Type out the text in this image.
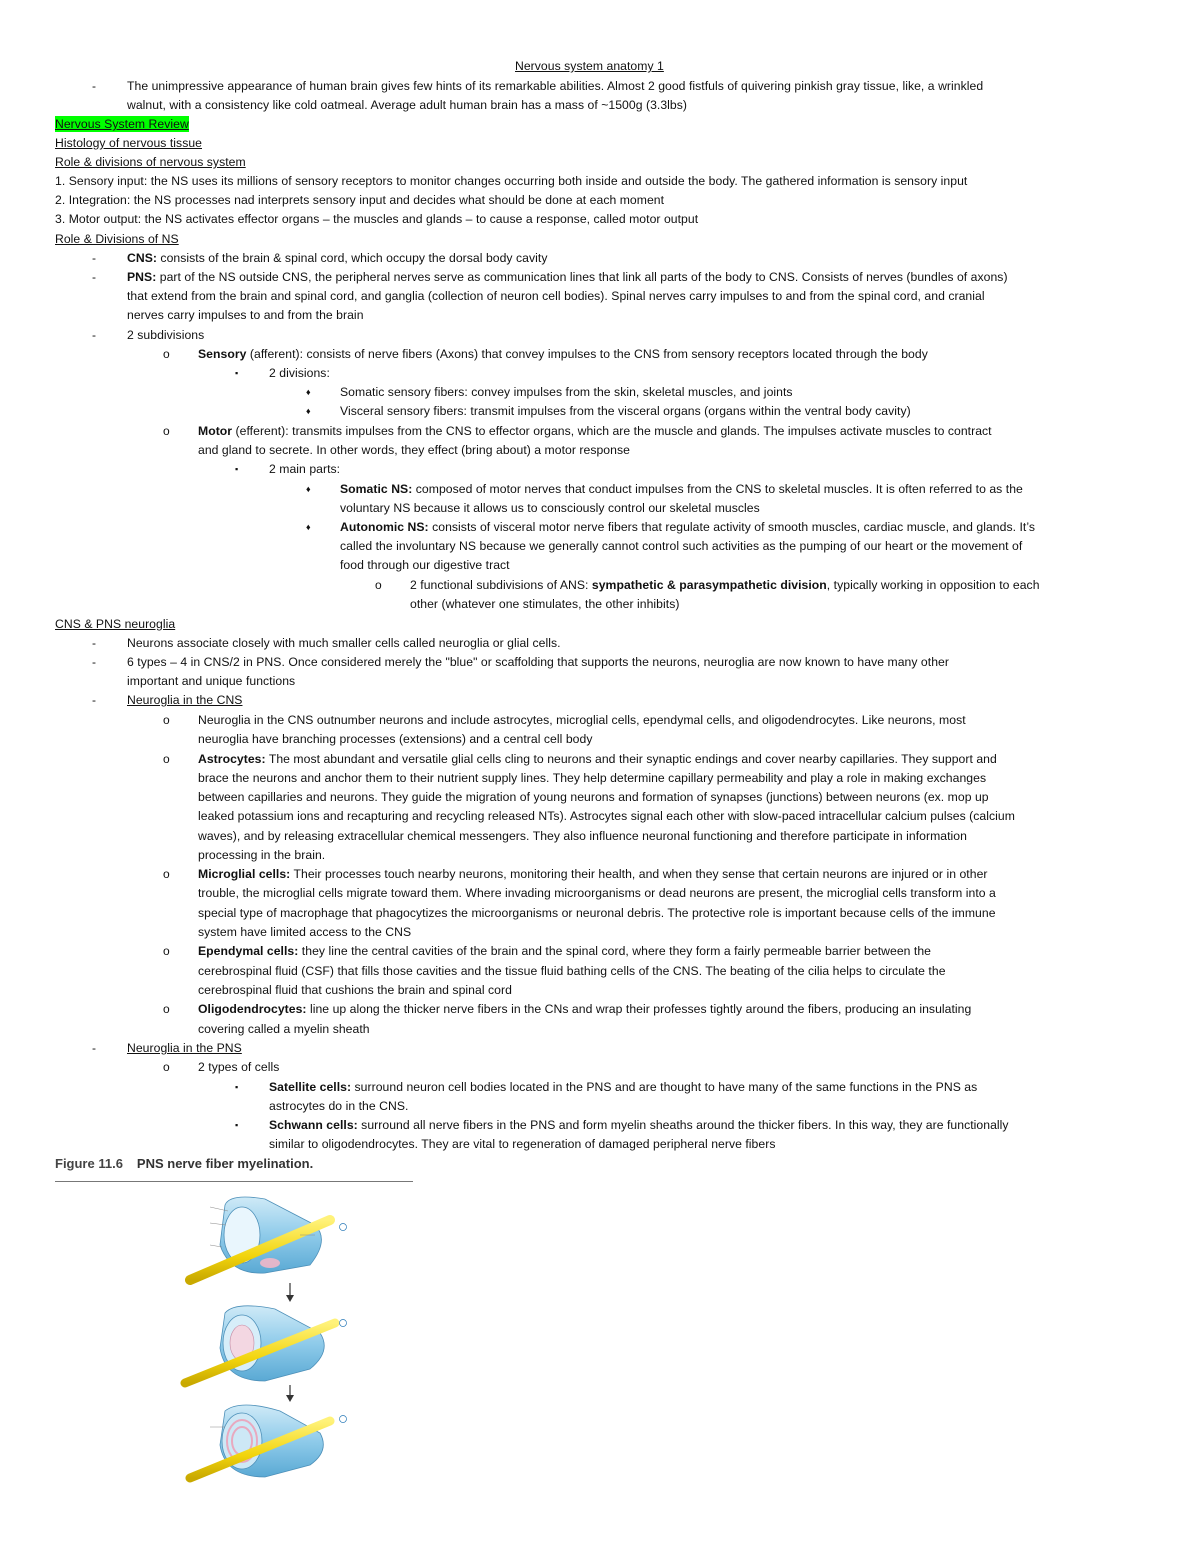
Nervous system anatomy 1
-	The unimpressive appearance of human brain gives few hints of its remarkable abilities. Almost 2 good fistfuls of quivering pinkish gray tissue, like, a wrinkled
walnut, with a consistency like cold oatmeal. Average adult human brain has a mass of ~1500g (3.3lbs)
Nervous System Review
Histology of nervous tissue
Role & divisions of nervous system
1. Sensory input: the NS uses its millions of sensory receptors to monitor changes occurring both inside and outside the body. The gathered information is sensory input
2. Integration: the NS processes nad interprets sensory input and decides what should be done at each moment
3. Motor output: the NS activates effector organs – the muscles and glands – to cause a response, called motor output
Role & Divisions of NS
-	CNS: consists of the brain & spinal cord, which occupy the dorsal body cavity
-	PNS: part of the NS outside CNS, the peripheral nerves serve as communication lines that link all parts of the body to CNS. Consists of nerves (bundles of axons)
that extend from the brain and spinal cord, and ganglia (collection of neuron cell bodies). Spinal nerves carry impulses to and from the spinal cord, and cranial
nerves carry impulses to and from the brain
-	2 subdivisions
o Sensory (afferent): consists of nerve fibers (Axons) that convey impulses to the CNS from sensory receptors located through the body
▪	2 divisions:
♦ Somatic sensory fibers: convey impulses from the skin, skeletal muscles, and joints
♦ Visceral sensory fibers: transmit impulses from the visceral organs (organs within the ventral body cavity)
o Motor (efferent): transmits impulses from the CNS to effector organs, which are the muscle and glands. The impulses activate muscles to contract
and gland to secrete. In other words, they effect (bring about) a motor response
▪	2 main parts:
♦ Somatic NS: composed of motor nerves that conduct impulses from the CNS to skeletal muscles. It is often referred to as the
voluntary NS because it allows us to consciously control our skeletal muscles
♦ Autonomic NS: consists of visceral motor nerve fibers that regulate activity of smooth muscles, cardiac muscle, and glands. It’s
called the involuntary NS because we generally cannot control such activities as the pumping of our heart or the movement of
food through our digestive tract
o 2 functional subdivisions of ANS: sympathetic & parasympathetic division, typically working in opposition to each
other (whatever one stimulates, the other inhibits)
CNS & PNS neuroglia
-	Neurons associate closely with much smaller cells called neuroglia or glial cells.
-	6 types – 4 in CNS/2 in PNS. Once considered merely the "blue" or scaffolding that supports the neurons, neuroglia are now known to have many other
important and unique functions
-	Neuroglia in the CNS
o Neuroglia in the CNS outnumber neurons and include astrocytes, microglial cells, ependymal cells, and oligodendrocytes. Like neurons, most
neuroglia have branching processes (extensions) and a central cell body
o Astrocytes: The most abundant and versatile glial cells cling to neurons and their synaptic endings and cover nearby capillaries. They support and
brace the neurons and anchor them to their nutrient supply lines. They help determine capillary permeability and play a role in making exchanges
between capillaries and neurons. They guide the migration of young neurons and formation of synapses (junctions) between neurons (ex. mop up
leaked potassium ions and recapturing and recycling released NTs). Astrocytes signal each other with slow-paced intracellular calcium pulses (calcium
waves), and by releasing extracellular chemical messengers. They also influence neuronal functioning and therefore participate in information
processing in the brain.
o Microglial cells: Their processes touch nearby neurons, monitoring their health, and when they sense that certain neurons are injured or in other
trouble, the microglial cells migrate toward them. Where invading microorganisms or dead neurons are present, the microglial cells transform into a
special type of macrophage that phagocytizes the microorganisms or neuronal debris. The protective role is important because cells of the immune
system have limited access to the CNS
o Ependymal cells: they line the central cavities of the brain and the spinal cord, where they form a fairly permeable barrier between the
cerebrospinal fluid (CSF) that fills those cavities and the tissue fluid bathing cells of the CNS. The beating of the cilia helps to circulate the
cerebrospinal fluid that cushions the brain and spinal cord
o Oligodendrocytes: line up along the thicker nerve fibers in the CNs and wrap their professes tightly around the fibers, producing an insulating
covering called a myelin sheath
-	Neuroglia in the PNS
o 2 types of cells
▪	Satellite cells: surround neuron cell bodies located in the PNS and are thought to have many of the same functions in the PNS as
astrocytes do in the CNS.
▪	Schwann cells: surround all nerve fibers in the PNS and form myelin sheaths around the thicker fibers. In this way, they are functionally
similar to oligodendrocytes. They are vital to regeneration of damaged peripheral nerve fibers
Figure 11.6 PNS nerve fiber myelination.
